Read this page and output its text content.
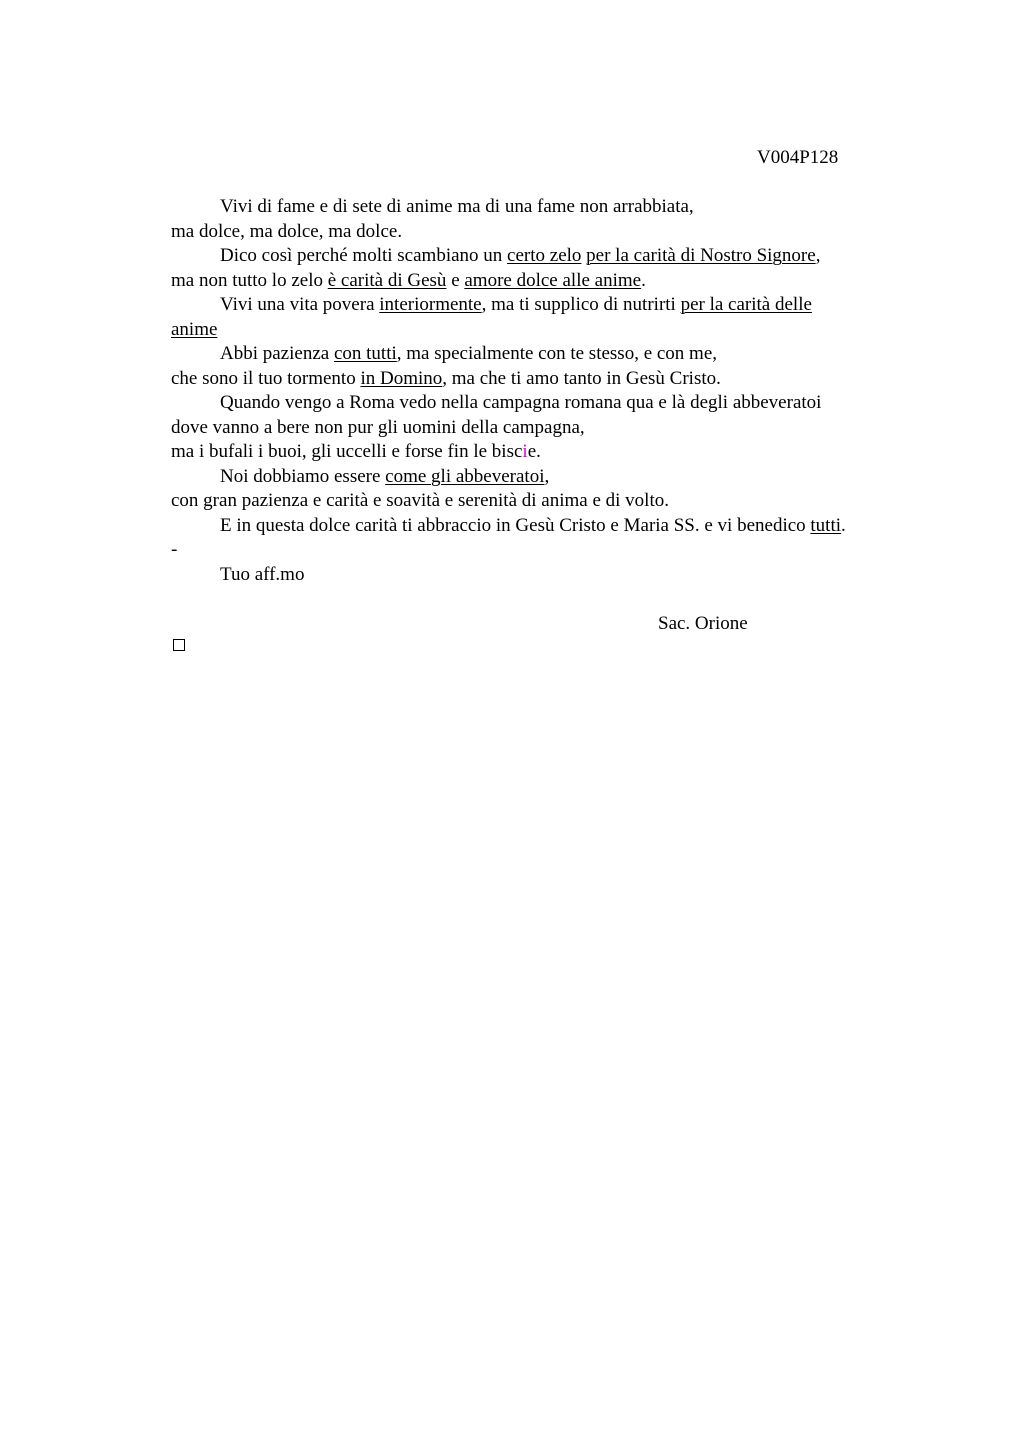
V004P128
Vivi di fame e di sete di anime ma di una fame non arrabbiata,
ma dolce, ma dolce, ma dolce.
Dico così perché molti scambiano un certo zelo per la carità di Nostro Signore,
ma non tutto lo zelo è carità di Gesù e amore dolce alle anime.
Vivi una vita povera interiormente, ma ti supplico di nutrirti per la carità delle
anime
Abbi pazienza con tutti, ma specialmente con te stesso, e con me,
che sono il tuo tormento in Domino, ma che ti amo tanto in Gesù Cristo.
Quando vengo a Roma vedo nella campagna romana qua e là degli abbeveratoi
dove vanno a bere non pur gli uomini della campagna,
ma i bufali i buoi, gli uccelli e forse fin le biscie.
Noi dobbiamo essere come gli abbeveratoi,
con gran pazienza e carità e soavità e serenità di anima e di volto.
E in questa dolce carità ti abbraccio in Gesù Cristo e Maria SS. e vi benedico tutti.
-
Tuo aff.mo
Sac. Orione
